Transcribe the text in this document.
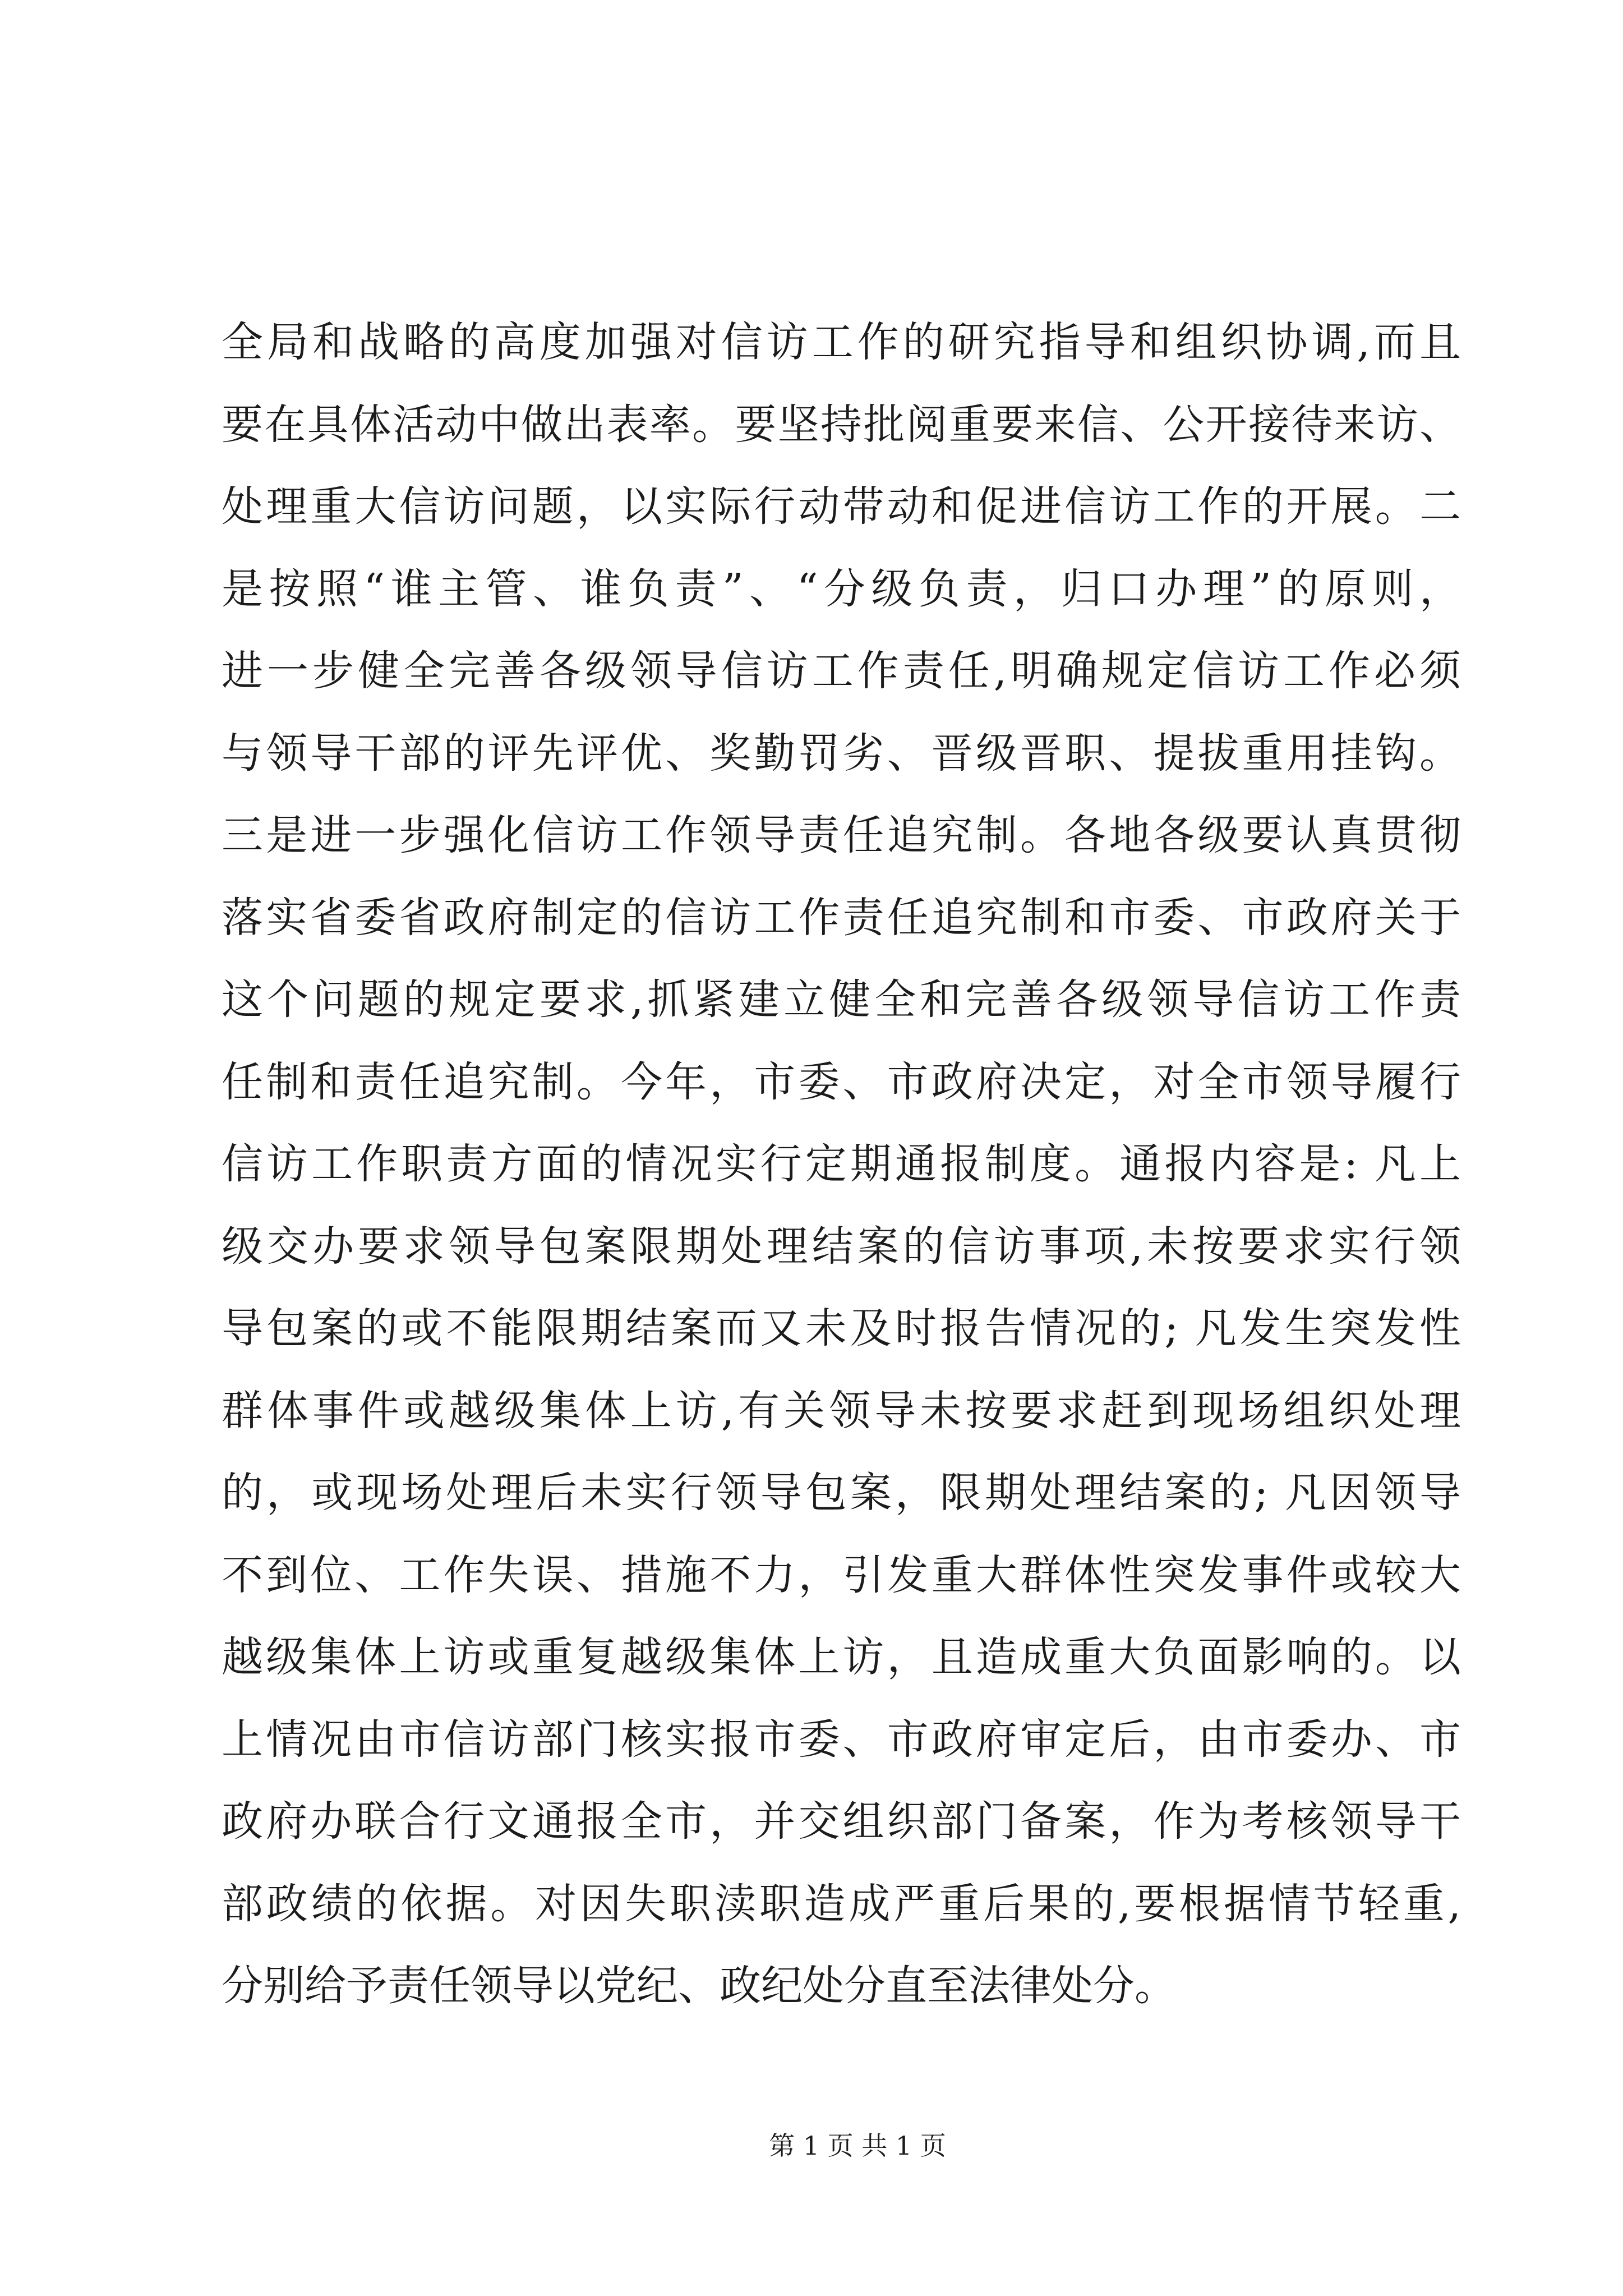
全局和战略的高度加强对信访工作的研究指导和组织协调,而且
要在具体活动中做出表率。要坚持批阅重要来信、公开接待来访、
处理重大信访问题，以实际行动带动和促进信访工作的开展。二
是按照“谁主管、谁负责”、“分级负责，归口办理”的原则，
进一步健全完善各级领导信访工作责任,明确规定信访工作必须
与领导干部的评先评优、奖勤罚劣、晋级晋职、提拔重用挂钩。
三是进一步强化信访工作领导责任追究制。各地各级要认真贯彻
落实省委省政府制定的信访工作责任追究制和市委、市政府关于
这个问题的规定要求,抓紧建立健全和完善各级领导信访工作责
任制和责任追究制。今年，市委、市政府决定，对全市领导履行
信访工作职责方面的情况实行定期通报制度。通报内容是: 凡上
级交办要求领导包案限期处理结案的信访事项,未按要求实行领
导包案的或不能限期结案而又未及时报告情况的; 凡发生突发性
群体事件或越级集体上访,有关领导未按要求赶到现场组织处理
的，或现场处理后未实行领导包案，限期处理结案的; 凡因领导
不到位、工作失误、措施不力，引发重大群体性突发事件或较大
越级集体上访或重复越级集体上访，且造成重大负面影响的。以
上情况由市信访部门核实报市委、市政府审定后，由市委办、市
政府办联合行文通报全市，并交组织部门备案，作为考核领导干
部政绩的依据。对因失职渎职造成严重后果的,要根据情节轻重,
分别给予责任领导以党纪、政纪处分直至法律处分。
第 1 页 共 1 页
